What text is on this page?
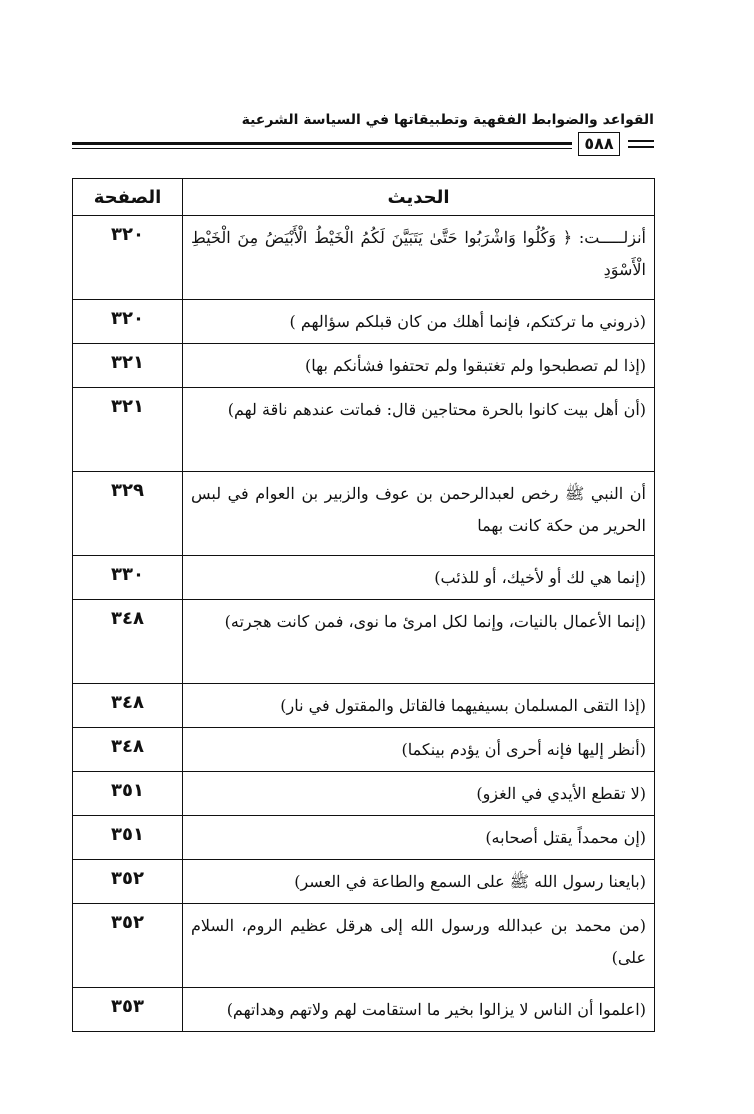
القواعد والضوابط الفقهية وتطبيقاتها في السياسة الشرعية
٥٨٨
الحديث	الصفحة
أنزلـــــت: ﴿ وَكُلُوا وَاشْرَبُوا حَتَّىٰ يَتَبَيَّنَ لَكُمُ الْخَيْطُ الْأَبْيَضُ مِنَ الْخَيْطِ الْأَسْوَدِ	٣٢٠
(ذروني ما تركتكم، فإنما أهلك من كان قبلكم سؤالهم )	٣٢٠
(إذا لم تصطبحوا ولم تغتبقوا ولم تحتفوا فشأنكم بها)	٣٢١
(أن أهل بيت كانوا بالحرة محتاجين قال: فماتت عندهم ناقة لهم)	٣٢١
أن النبي ﷺ رخص لعبدالرحمن بن عوف والزبير بن العوام في لبس الحرير من حكة كانت بهما	٣٢٩
(إنما هي لك أو لأخيك، أو للذئب)	٣٣٠
(إنما الأعمال بالنيات، وإنما لكل امرئ ما نوى، فمن كانت هجرته)	٣٤٨
(إذا التقى المسلمان بسيفيهما فالقاتل والمقتول في نار)	٣٤٨
(أنظر إليها فإنه أحرى أن يؤدم بينكما)	٣٤٨
(لا تقطع الأيدي في الغزو)	٣٥١
(إن محمداً يقتل أصحابه)	٣٥١
(بايعنا رسول الله ﷺ على السمع والطاعة في العسر)	٣٥٢
(من محمد بن عبدالله ورسول الله إلى هرقل عظيم الروم، السلام على)	٣٥٢
(اعلموا أن الناس لا يزالوا بخير ما استقامت لهم ولاتهم وهداتهم)	٣٥٣
